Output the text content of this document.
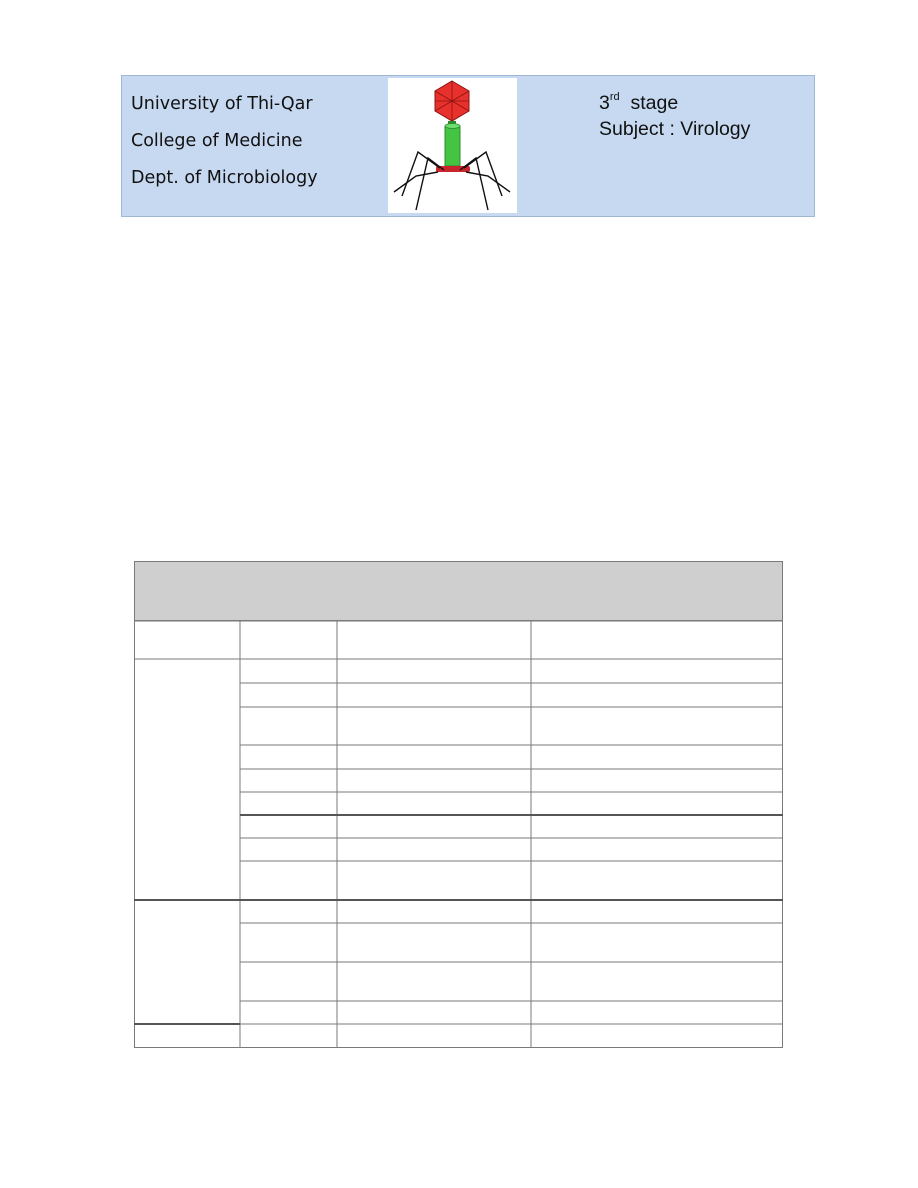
University of Thi-Qar
College of Medicine
Dept. of Microbiology
3rd stage
Subject : Virology
